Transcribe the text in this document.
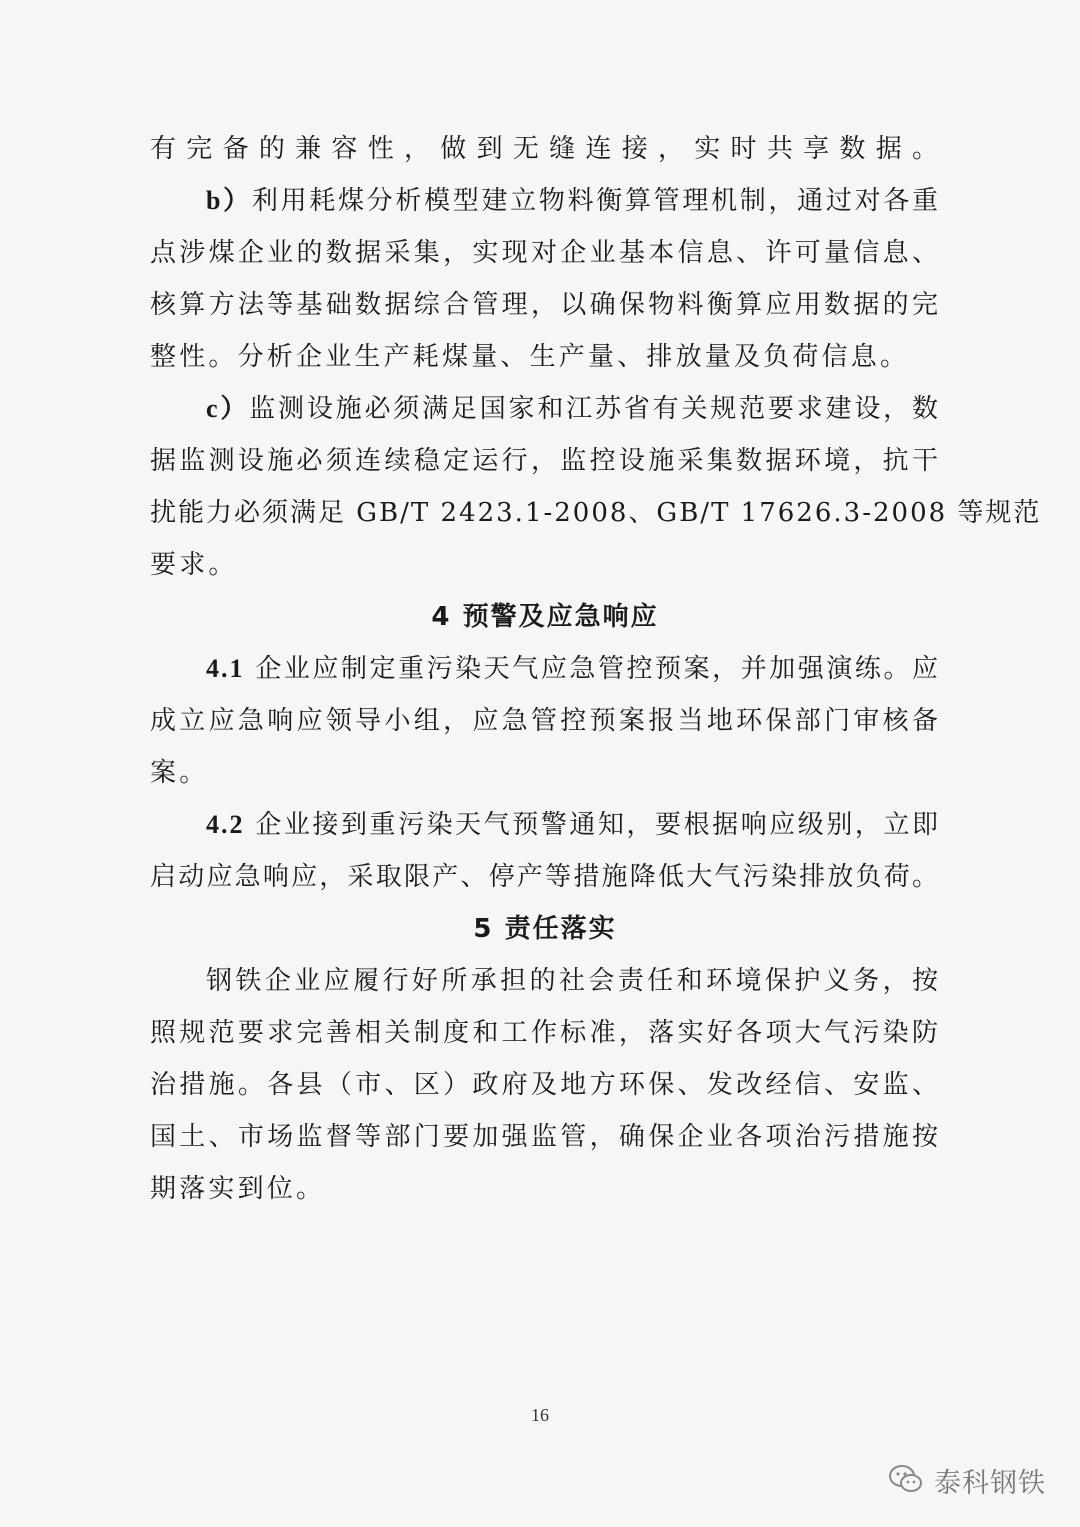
有完备的兼容性，做到无缝连接，实时共享数据。
b）利用耗煤分析模型建立物料衡算管理机制，通过对各重
点涉煤企业的数据采集，实现对企业基本信息、许可量信息、
核算方法等基础数据综合管理，以确保物料衡算应用数据的完
整性。分析企业生产耗煤量、生产量、排放量及负荷信息。
c）监测设施必须满足国家和江苏省有关规范要求建设，数
据监测设施必须连续稳定运行，监控设施采集数据环境，抗干
扰能力必须满足 GB/T 2423.1-2008、GB/T 17626.3-2008 等规范
要求。
4 预警及应急响应
4.1 企业应制定重污染天气应急管控预案，并加强演练。应
成立应急响应领导小组，应急管控预案报当地环保部门审核备
案。
4.2 企业接到重污染天气预警通知，要根据响应级别，立即
启动应急响应，采取限产、停产等措施降低大气污染排放负荷。
5 责任落实
钢铁企业应履行好所承担的社会责任和环境保护义务，按
照规范要求完善相关制度和工作标准，落实好各项大气污染防
治措施。各县（市、区）政府及地方环保、发改经信、安监、
国土、市场监督等部门要加强监管，确保企业各项治污措施按
期落实到位。
16
泰科钢铁
